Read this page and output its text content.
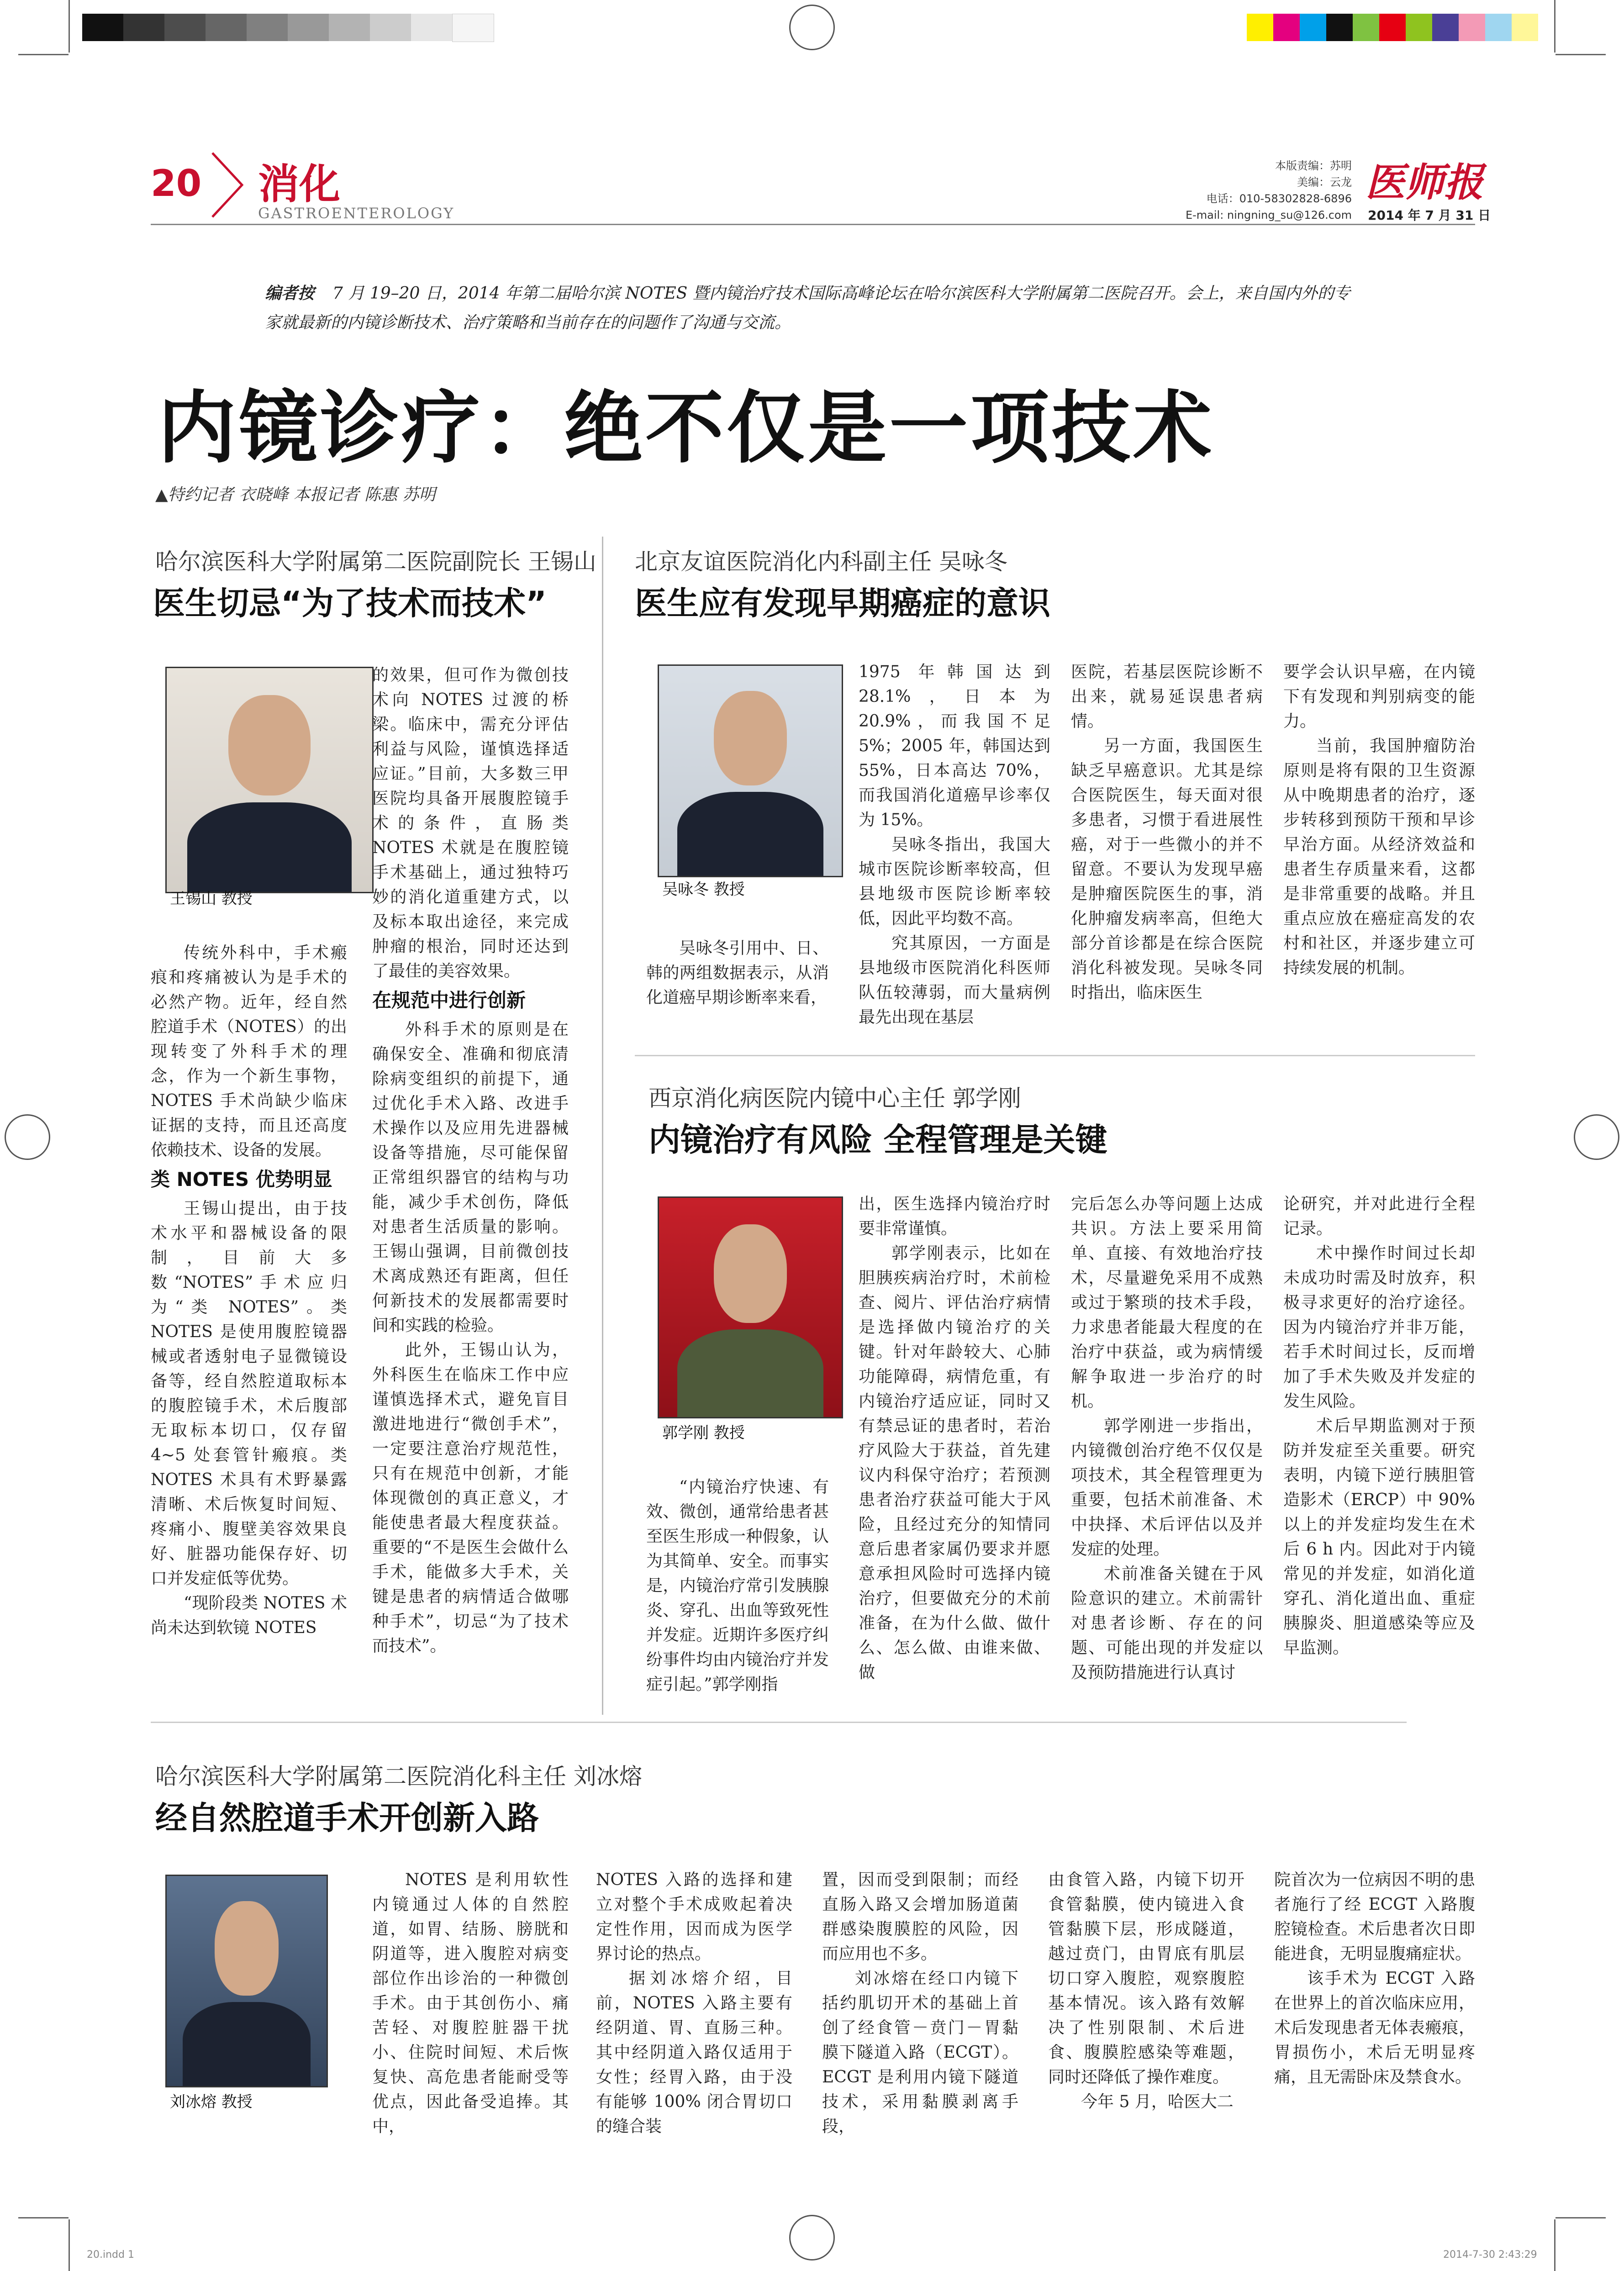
20 消化
GASTROENTEROLOGY
本版责编：苏明
美编：云龙
电话：010-58302828-6896
E-mail: ningning_su@126.com
医师报
2014 年 7 月 31 日
编者按 7 月 19–20 日，2014 年第二届哈尔滨 NOTES 暨内镜治疗技术国际高峰论坛在哈尔滨医科大学附属第二医院召开。会上，来自国内外的专家就最新的内镜诊断技术、治疗策略和当前存在的问题作了沟通与交流。
内镜诊疗：绝不仅是一项技术
▲特约记者 衣晓峰 本报记者 陈惠 苏明
哈尔滨医科大学附属第二医院副院长 王锡山
医生切忌“为了技术而技术”
王锡山 教授

传统外科中，手术瘢痕和疼痛被认为是手术的必然产物。近年，经自然腔道手术（NOTES）的出现转变了外科手术的理念，作为一个新生事物，NOTES 手术尚缺少临床证据的支持，而且还高度依赖技术、设备的发展。

类 NOTES 优势明显

王锡山提出，由于技术水平和器械设备的限制，目前大多数“NOTES”手术应归为“类 NOTES”。类 NOTES 是使用腹腔镜器械或者透射电子显微镜设备等，经自然腔道取标本的腹腔镜手术，术后腹部无取标本切口，仅存留 4~5 处套管针瘢痕。类 NOTES 术具有术野暴露清晰、术后恢复时间短、疼痛小、腹壁美容效果良好、脏器功能保存好、切口并发症低等优势。

“现阶段类 NOTES 术尚未达到软镜 NOTES

的效果，但可作为微创技术向 NOTES 过渡的桥梁。临床中，需充分评估利益与风险，谨慎选择适应证。”目前，大多数三甲医院均具备开展腹腔镜手术的条件，直肠类 NOTES 术就是在腹腔镜手术基础上，通过独特巧妙的消化道重建方式，以及标本取出途径，来完成肿瘤的根治，同时还达到了最佳的美容效果。

在规范中进行创新

外科手术的原则是在确保安全、准确和彻底清除病变组织的前提下，通过优化手术入路、改进手术操作以及应用先进器械设备等措施，尽可能保留正常组织器官的结构与功能，减少手术创伤，降低对患者生活质量的影响。王锡山强调，目前微创技术离成熟还有距离，但任何新技术的发展都需要时间和实践的检验。

此外，王锡山认为，外科医生在临床工作中应谨慎选择术式，避免盲目激进地进行“微创手术”，一定要注意治疗规范性，只有在规范中创新，才能体现微创的真正意义，才能使患者最大程度获益。重要的“不是医生会做什么手术，能做多大手术，关键是患者的病情适合做哪种手术”，切忌“为了技术而技术”。

北京友谊医院消化内科副主任 吴咏冬
医生应有发现早期癌症的意识
吴咏冬 教授

吴咏冬引用中、日、韩的两组数据表示，从消化道癌早期诊断率来看，

1975 年韩国达到 28.1%，日本为 20.9%，而我国不足 5%；2005 年，韩国达到 55%，日本高达 70%，而我国消化道癌早诊率仅为 15%。

吴咏冬指出，我国大城市医院诊断率较高，但县地级市医院诊断率较低，因此平均数不高。

究其原因，一方面是县地级市医院消化科医师队伍较薄弱，而大量病例最先出现在基层

医院，若基层医院诊断不出来，就易延误患者病情。

另一方面，我国医生缺乏早癌意识。尤其是综合医院医生，每天面对很多患者，习惯于看进展性癌，对于一些微小的并不留意。不要认为发现早癌是肿瘤医院医生的事，消化肿瘤发病率高，但绝大部分首诊都是在综合医院消化科被发现。吴咏冬同时指出，临床医生

要学会认识早癌，在内镜下有发现和判别病变的能力。

当前，我国肿瘤防治原则是将有限的卫生资源从中晚期患者的治疗，逐步转移到预防干预和早诊早治方面。从经济效益和患者生存质量来看，这都是非常重要的战略。并且重点应放在癌症高发的农村和社区，并逐步建立可持续发展的机制。

西京消化病医院内镜中心主任 郭学刚
内镜治疗有风险 全程管理是关键
郭学刚 教授

“内镜治疗快速、有效、微创，通常给患者甚至医生形成一种假象，认为其简单、安全。而事实是，内镜治疗常引发胰腺炎、穿孔、出血等致死性并发症。近期许多医疗纠纷事件均由内镜治疗并发症引起。”郭学刚指

出，医生选择内镜治疗时要非常谨慎。

郭学刚表示，比如在胆胰疾病治疗时，术前检查、阅片、评估治疗病情是选择做内镜治疗的关键。针对年龄较大、心肺功能障碍，病情危重，有内镜治疗适应证，同时又有禁忌证的患者时，若治疗风险大于获益，首先建议内科保守治疗；若预测患者治疗获益可能大于风险，且经过充分的知情同意后患者家属仍要求并愿意承担风险时可选择内镜治疗，但要做充分的术前准备，在为什么做、做什么、怎么做、由谁来做、做

完后怎么办等问题上达成共识。方法上要采用简单、直接、有效地治疗技术，尽量避免采用不成熟或过于繁琐的技术手段，力求患者能最大程度的在治疗中获益，或为病情缓解争取进一步治疗的时机。

郭学刚进一步指出，内镜微创治疗绝不仅仅是项技术，其全程管理更为重要，包括术前准备、术中抉择、术后评估以及并发症的处理。

术前准备关键在于风险意识的建立。术前需针对患者诊断、存在的问题、可能出现的并发症以及预防措施进行认真讨

论研究，并对此进行全程记录。

术中操作时间过长却未成功时需及时放弃，积极寻求更好的治疗途径。因为内镜治疗并非万能，若手术时间过长，反而增加了手术失败及并发症的发生风险。

术后早期监测对于预防并发症至关重要。研究表明，内镜下逆行胰胆管造影术（ERCP）中 90% 以上的并发症均发生在术后 6 h 内。因此对于内镜常见的并发症，如消化道穿孔、消化道出血、重症胰腺炎、胆道感染等应及早监测。

哈尔滨医科大学附属第二医院消化科主任 刘冰熔
经自然腔道手术开创新入路
刘冰熔 教授

NOTES 是利用软性内镜通过人体的自然腔道，如胃、结肠、膀胱和阴道等，进入腹腔对病变部位作出诊治的一种微创手术。由于其创伤小、痛苦轻、对腹腔脏器干扰小、住院时间短、术后恢复快、高危患者能耐受等优点，因此备受追捧。其中，

NOTES 入路的选择和建立对整个手术成败起着决定性作用，因而成为医学界讨论的热点。

据刘冰熔介绍，目前，NOTES 入路主要有经阴道、胃、直肠三种。其中经阴道入路仅适用于女性；经胃入路，由于没有能够 100% 闭合胃切口的缝合装

置，因而受到限制；而经直肠入路又会增加肠道菌群感染腹膜腔的风险，因而应用也不多。

刘冰熔在经口内镜下括约肌切开术的基础上首创了经食管－贲门－胃黏膜下隧道入路（ECGT）。ECGT 是利用内镜下隧道技术，采用黏膜剥离手段，

由食管入路，内镜下切开食管黏膜，使内镜进入食管黏膜下层，形成隧道，越过贲门，由胃底有肌层切口穿入腹腔，观察腹腔基本情况。该入路有效解决了性别限制、术后进食、腹膜腔感染等难题，同时还降低了操作难度。

今年 5 月，哈医大二

院首次为一位病因不明的患者施行了经 ECGT 入路腹腔镜检查。术后患者次日即能进食，无明显腹痛症状。

该手术为 ECGT 入路在世界上的首次临床应用，术后发现患者无体表瘢痕，胃损伤小，术后无明显疼痛，且无需卧床及禁食水。

20.indd 1	2014-7-30 2:43:29
